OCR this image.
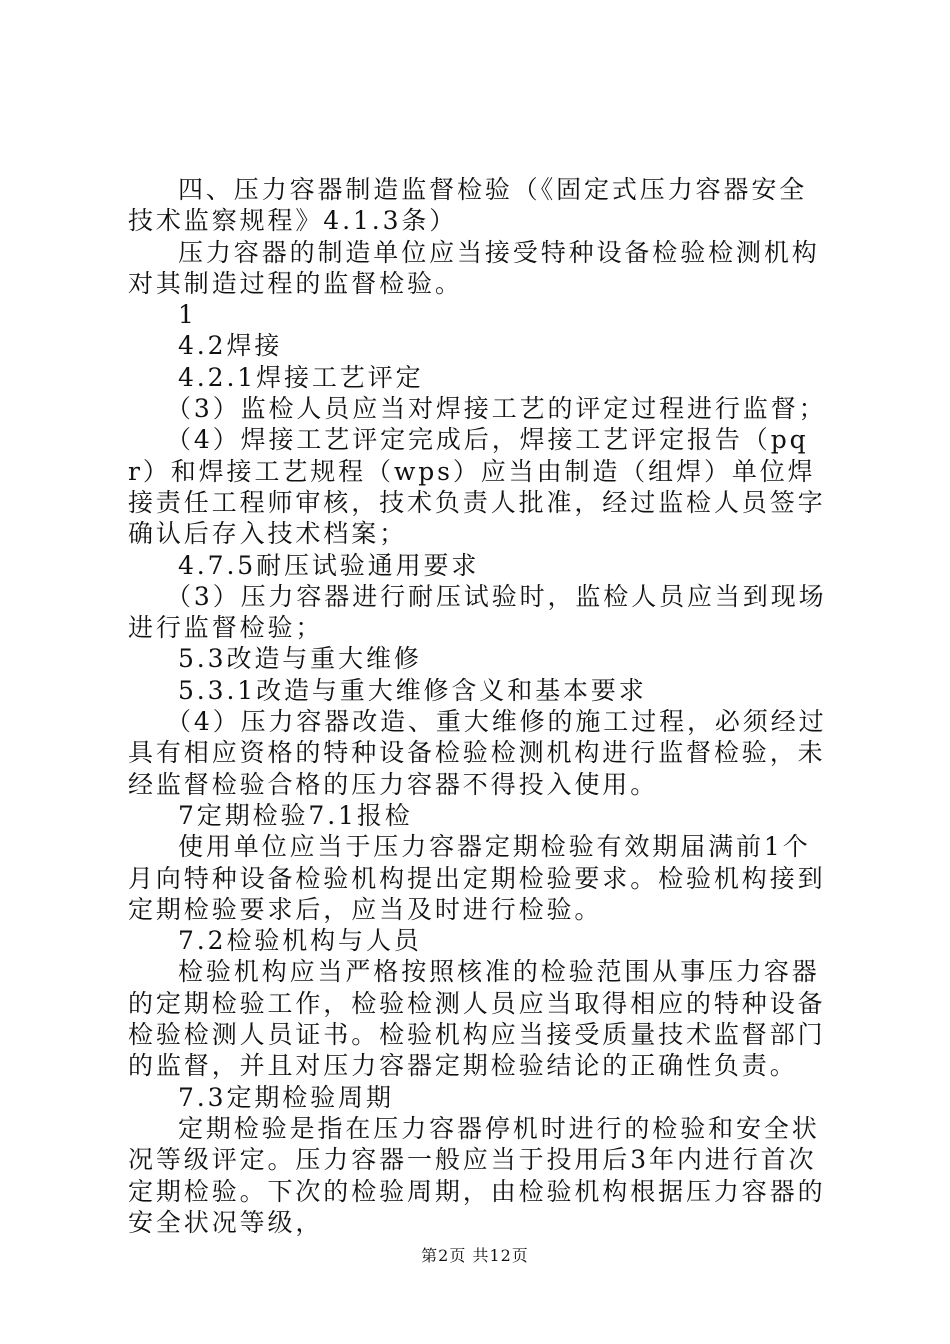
四、压力容器制造监督检验（《固定式压力容器安全技术监察规程》4.1.3条）

压力容器的制造单位应当接受特种设备检验检测机构对其制造过程的监督检验。

1

4.2焊接

4.2.1焊接工艺评定

（3）监检人员应当对焊接工艺的评定过程进行监督；

（4）焊接工艺评定完成后，焊接工艺评定报告（pqr）和焊接工艺规程（wps）应当由制造（组焊）单位焊接责任工程师审核，技术负责人批准，经过监检人员签字确认后存入技术档案；

4.7.5耐压试验通用要求

（3）压力容器进行耐压试验时，监检人员应当到现场进行监督检验；

5.3改造与重大维修

5.3.1改造与重大维修含义和基本要求

（4）压力容器改造、重大维修的施工过程，必须经过具有相应资格的特种设备检验检测机构进行监督检验，未经监督检验合格的压力容器不得投入使用。

7定期检验7.1报检

使用单位应当于压力容器定期检验有效期届满前1个月向特种设备检验机构提出定期检验要求。检验机构接到定期检验要求后，应当及时进行检验。

7.2检验机构与人员

检验机构应当严格按照核准的检验范围从事压力容器的定期检验工作，检验检测人员应当取得相应的特种设备检验检测人员证书。检验机构应当接受质量技术监督部门的监督，并且对压力容器定期检验结论的正确性负责。

7.3定期检验周期

定期检验是指在压力容器停机时进行的检验和安全状况等级评定。压力容器一般应当于投用后3年内进行首次定期检验。下次的检验周期，由检验机构根据压力容器的安全状况等级，

第2页 共12页
